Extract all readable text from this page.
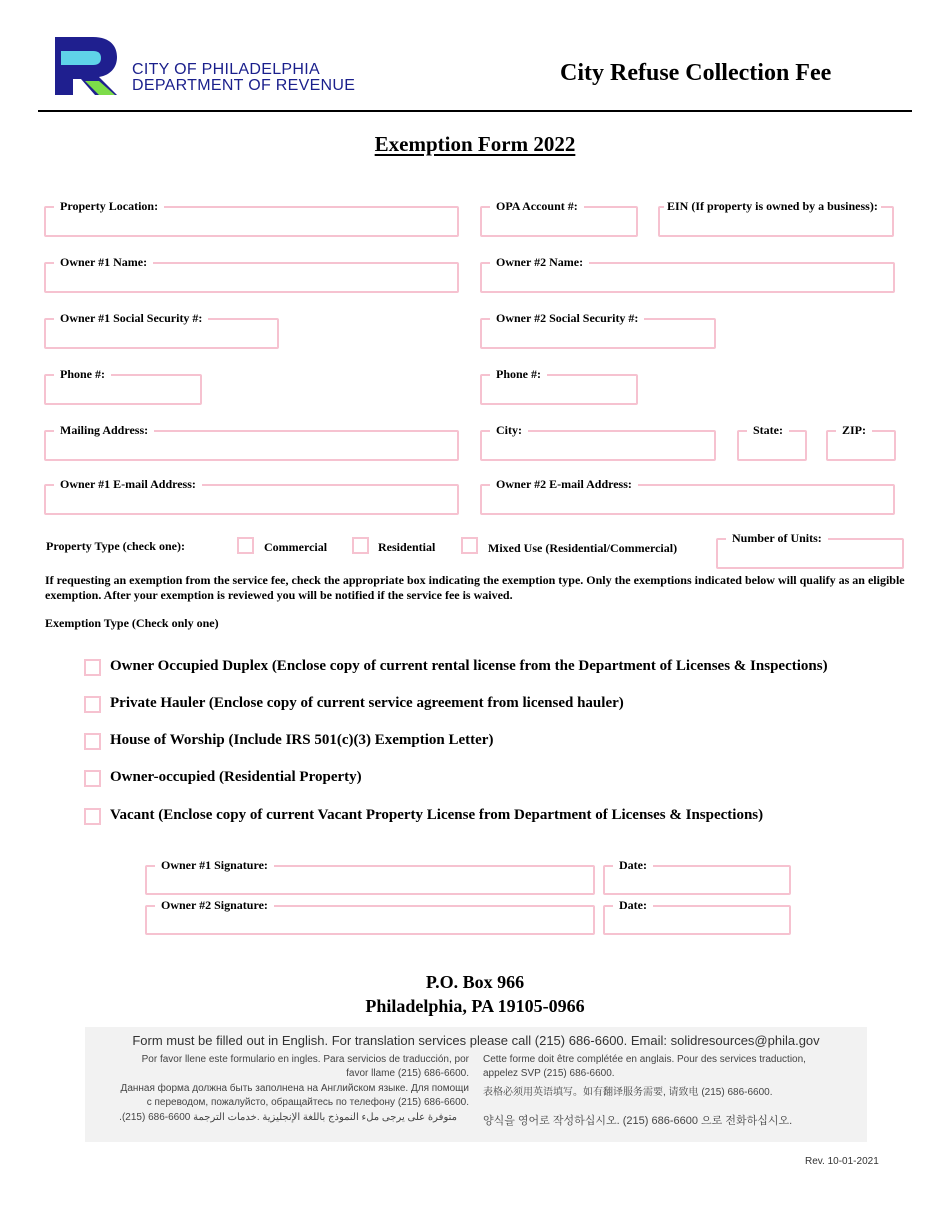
CITY OF PHILADELPHIA
DEPARTMENT OF REVENUE	City Refuse Collection Fee
Exemption Form 2022
Property Location:	OPA Account #:	EIN (If property is owned by a business):
Owner #1 Name:	Owner #2 Name:
Owner #1 Social Security #:	Owner #2 Social Security #:
Phone #:	Phone #:
Mailing Address:	City:	State:	ZIP:
Owner #1 E-mail Address:	Owner #2 E-mail Address:
Property Type (check one):	Commercial	Residential	Mixed Use (Residential/Commercial)
Number of Units:
If requesting an exemption from the service fee, check the appropriate box indicating the exemption type. Only the exemptions indicated below will qualify as an eligible exemption. After your exemption is reviewed you will be notified if the service fee is waived.
Exemption Type (Check only one)
Owner Occupied Duplex (Enclose copy of current rental license from the Department of Licenses & Inspections)
Private Hauler (Enclose copy of current service agreement from licensed hauler)
House of Worship (Include IRS 501(c)(3) Exemption Letter)
Owner-occupied (Residential Property)
Vacant (Enclose copy of current Vacant Property License from Department of Licenses & Inspections)
Owner #1 Signature:	Date:
Owner #2 Signature:	Date:
P.O. Box 966
Philadelphia, PA 19105-0966
Form must be filled out in English. For translation services please call (215) 686-6600. Email: solidresources@phila.gov
Por favor llene este formulario en ingles. Para servicios de traducción, por
favor llame (215) 686-6600.
Данная форма должна быть заполнена на Английском языке. Для помощи
с переводом, пожалуйсто, обращайтесь по телефону (215) 686-6600.
متوفرة على يرجى ملء النموذج باللغة الإنجليزية .خدمات الترجمة 6600-686 (215).
Cette forme doit être complétée en anglais. Pour des services traduction,
appelez SVP (215) 686-6600.
表格必须用英语填写。如有翻译服务需要, 请致电 (215) 686-6600.
양식을 영어로 작성하십시오. (215) 686-6600 으로 전화하십시오.
Rev. 10-01-2021
